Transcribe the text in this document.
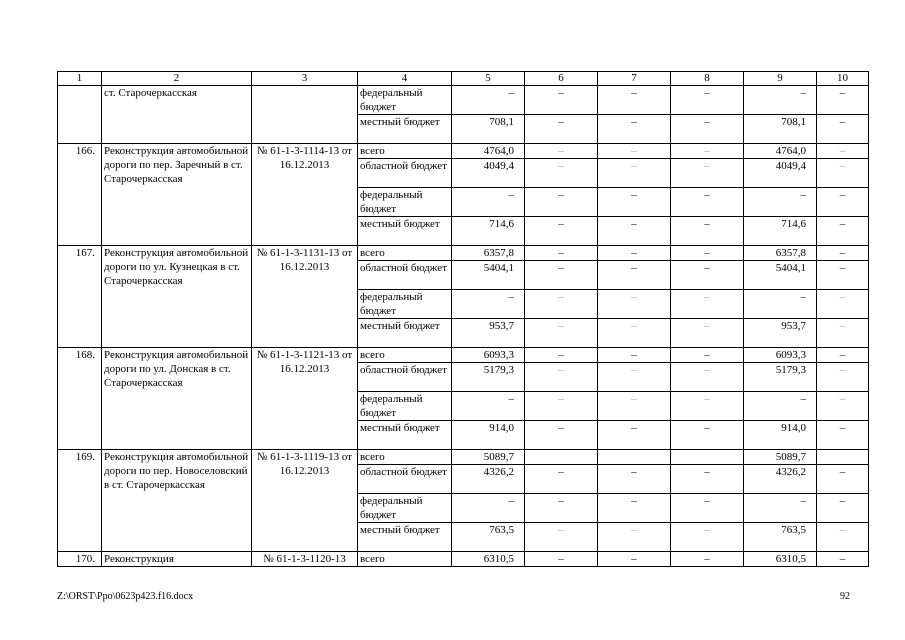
1	2	3	4	5	6	7	8	9	10
	ст. Старочеркасская		федеральный бюджет	–	–	–	–	–	–
			местный бюджет	708,1	–	–	–	708,1	–
166.	Реконструкция автомобильной дороги по пер. Заречный в ст. Старочеркасская	№ 61-1-3-1114-13 от 16.12.2013	всего	4764,0	–	–	–	4764,0	–
			областной бюджет	4049,4	–	–	–	4049,4	–
			федеральный бюджет	–	–	–	–	–	–
			местный бюджет	714,6	–	–	–	714,6	–
167.	Реконструкция автомобильной дороги по ул. Кузнецкая в ст. Старочеркасская	№ 61-1-3-1131-13 от 16.12.2013	всего	6357,8	–	–	–	6357,8	–
			областной бюджет	5404,1	–	–	–	5404,1	–
			федеральный бюджет	–	–	–	–	–	–
			местный бюджет	953,7	–	–	–	953,7	–
168.	Реконструкция автомобильной дороги по ул. Донская в ст. Старочеркасская	№ 61-1-3-1121-13 от 16.12.2013	всего	6093,3	–	–	–	6093,3	–
			областной бюджет	5179,3	–	–	–	5179,3	–
			федеральный бюджет	–	–	–	–	–	–
			местный бюджет	914,0	–	–	–	914,0	–
169.	Реконструкция автомобильной дороги по пер. Новоселовский в ст. Старочеркасская	№ 61-1-3-1119-13 от 16.12.2013	всего	5089,7				5089,7	
			областной бюджет	4326,2	–	–	–	4326,2	–
			федеральный бюджет	–	–	–	–	–	–
			местный бюджет	763,5	–	–	–	763,5	–
170.	Реконструкция	№ 61-1-3-1120-13	всего	6310,5	–	–	–	6310,5	–
Z:\ORST\Ppo\0623p423.f16.docx	92
